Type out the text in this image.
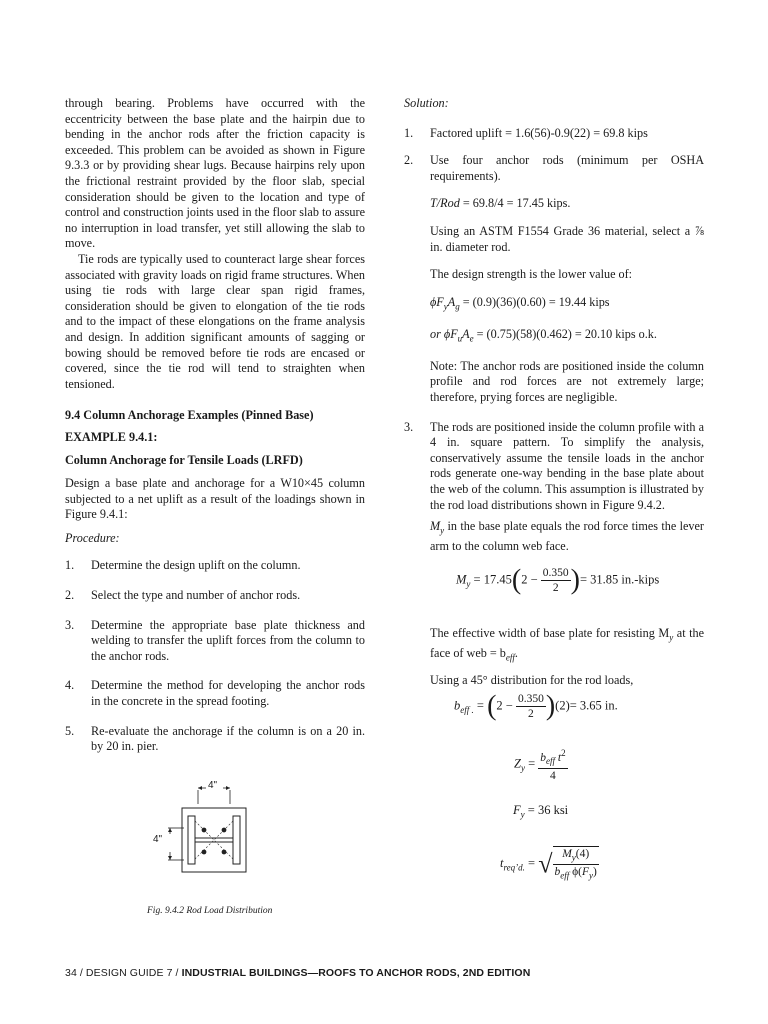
through bearing. Problems have occurred with the eccentricity between the base plate and the hairpin due to bending in the anchor rods after the friction capacity is exceeded. This problem can be avoided as shown in Figure 9.3.3 or by providing shear lugs. Because hairpins rely upon the frictional restraint provided by the floor slab, special consideration should be given to the location and type of control and construction joints used in the floor slab to assure no interruption in load transfer, yet still allowing the slab to move.

Tie rods are typically used to counteract large shear forces associated with gravity loads on rigid frame structures. When using tie rods with large clear span rigid frames, consideration should be given to elongation of the tie rods and to the impact of these elongations on the frame analysis and design. In addition significant amounts of sagging or bowing should be removed before tie rods are encased or covered, since the tie rod will tend to straighten when tensioned.

9.4 Column Anchorage Examples (Pinned Base)

EXAMPLE 9.4.1:

Column Anchorage for Tensile Loads (LRFD)

Design a base plate and anchorage for a W10×45 column subjected to a net uplift as a result of the loadings shown in Figure 9.4.1:

Procedure:

1.	Determine the design uplift on the column.
2.	Select the type and number of anchor rods.
3.	Determine the appropriate base plate thickness and welding to transfer the uplift forces from the column to the anchor rods.
4.	Determine the method for developing the anchor rods in the concrete in the spread footing.
5.	Re-evaluate the anchorage if the column is on a 20 in. by 20 in. pier.
4"
4"
Fig. 9.4.2 Rod Load Distribution

Solution:

1.	Factored uplift = 1.6(56)-0.9(22) = 69.8 kips
2.	Use four anchor rods (minimum per OSHA requirements).

T/Rod = 69.8/4 = 17.45 kips.

Using an ASTM F1554 Grade 36 material, select a ⅞ in. diameter rod.

The design strength is the lower value of:

$\phi F_yA_g = (0.9)(36)(0.60) = 19.44$ kips

or $\phi F_uA_e = (0.75)(58)(0.462) = 20.10$ kips o.k.

Note: The anchor rods are positioned inside the column profile and rod forces are not extremely large; therefore, prying forces are negligible.

3.	The rods are positioned inside the column profile with a 4 in. square pattern. To simplify the analysis, conservatively assume the tensile loads in the anchor rods generate one-way bending in the base plate about the web of the column. This assumption is illustrated by the rod load distributions shown in Figure 9.4.2.

$M_y$ in the base plate equals the rod force times the lever arm to the column web face.

$M_y = 17.45(2 - \frac{0.350}{2}$ )= 31.85 in.-kips

The effective width of base plate for resisting $M_y$ at the face of web = $b_{eff}$.

Using a 45° distribution for the rod loads,

$b_{eff .} = (2 - \frac{0.350}{2} )(2)= 3.65$ in.
$Z_y = \frac{b_{eff} t^2}{4}$
$F_y = 36$ ksi
$t_{req’d.}$ = √ $\frac{M_y(4)}{b_{eff} \phi(F_y)}$
34 / DESIGN GUIDE 7 / INDUSTRIAL BUILDINGS—ROOFS TO ANCHOR RODS, 2ND EDITION
